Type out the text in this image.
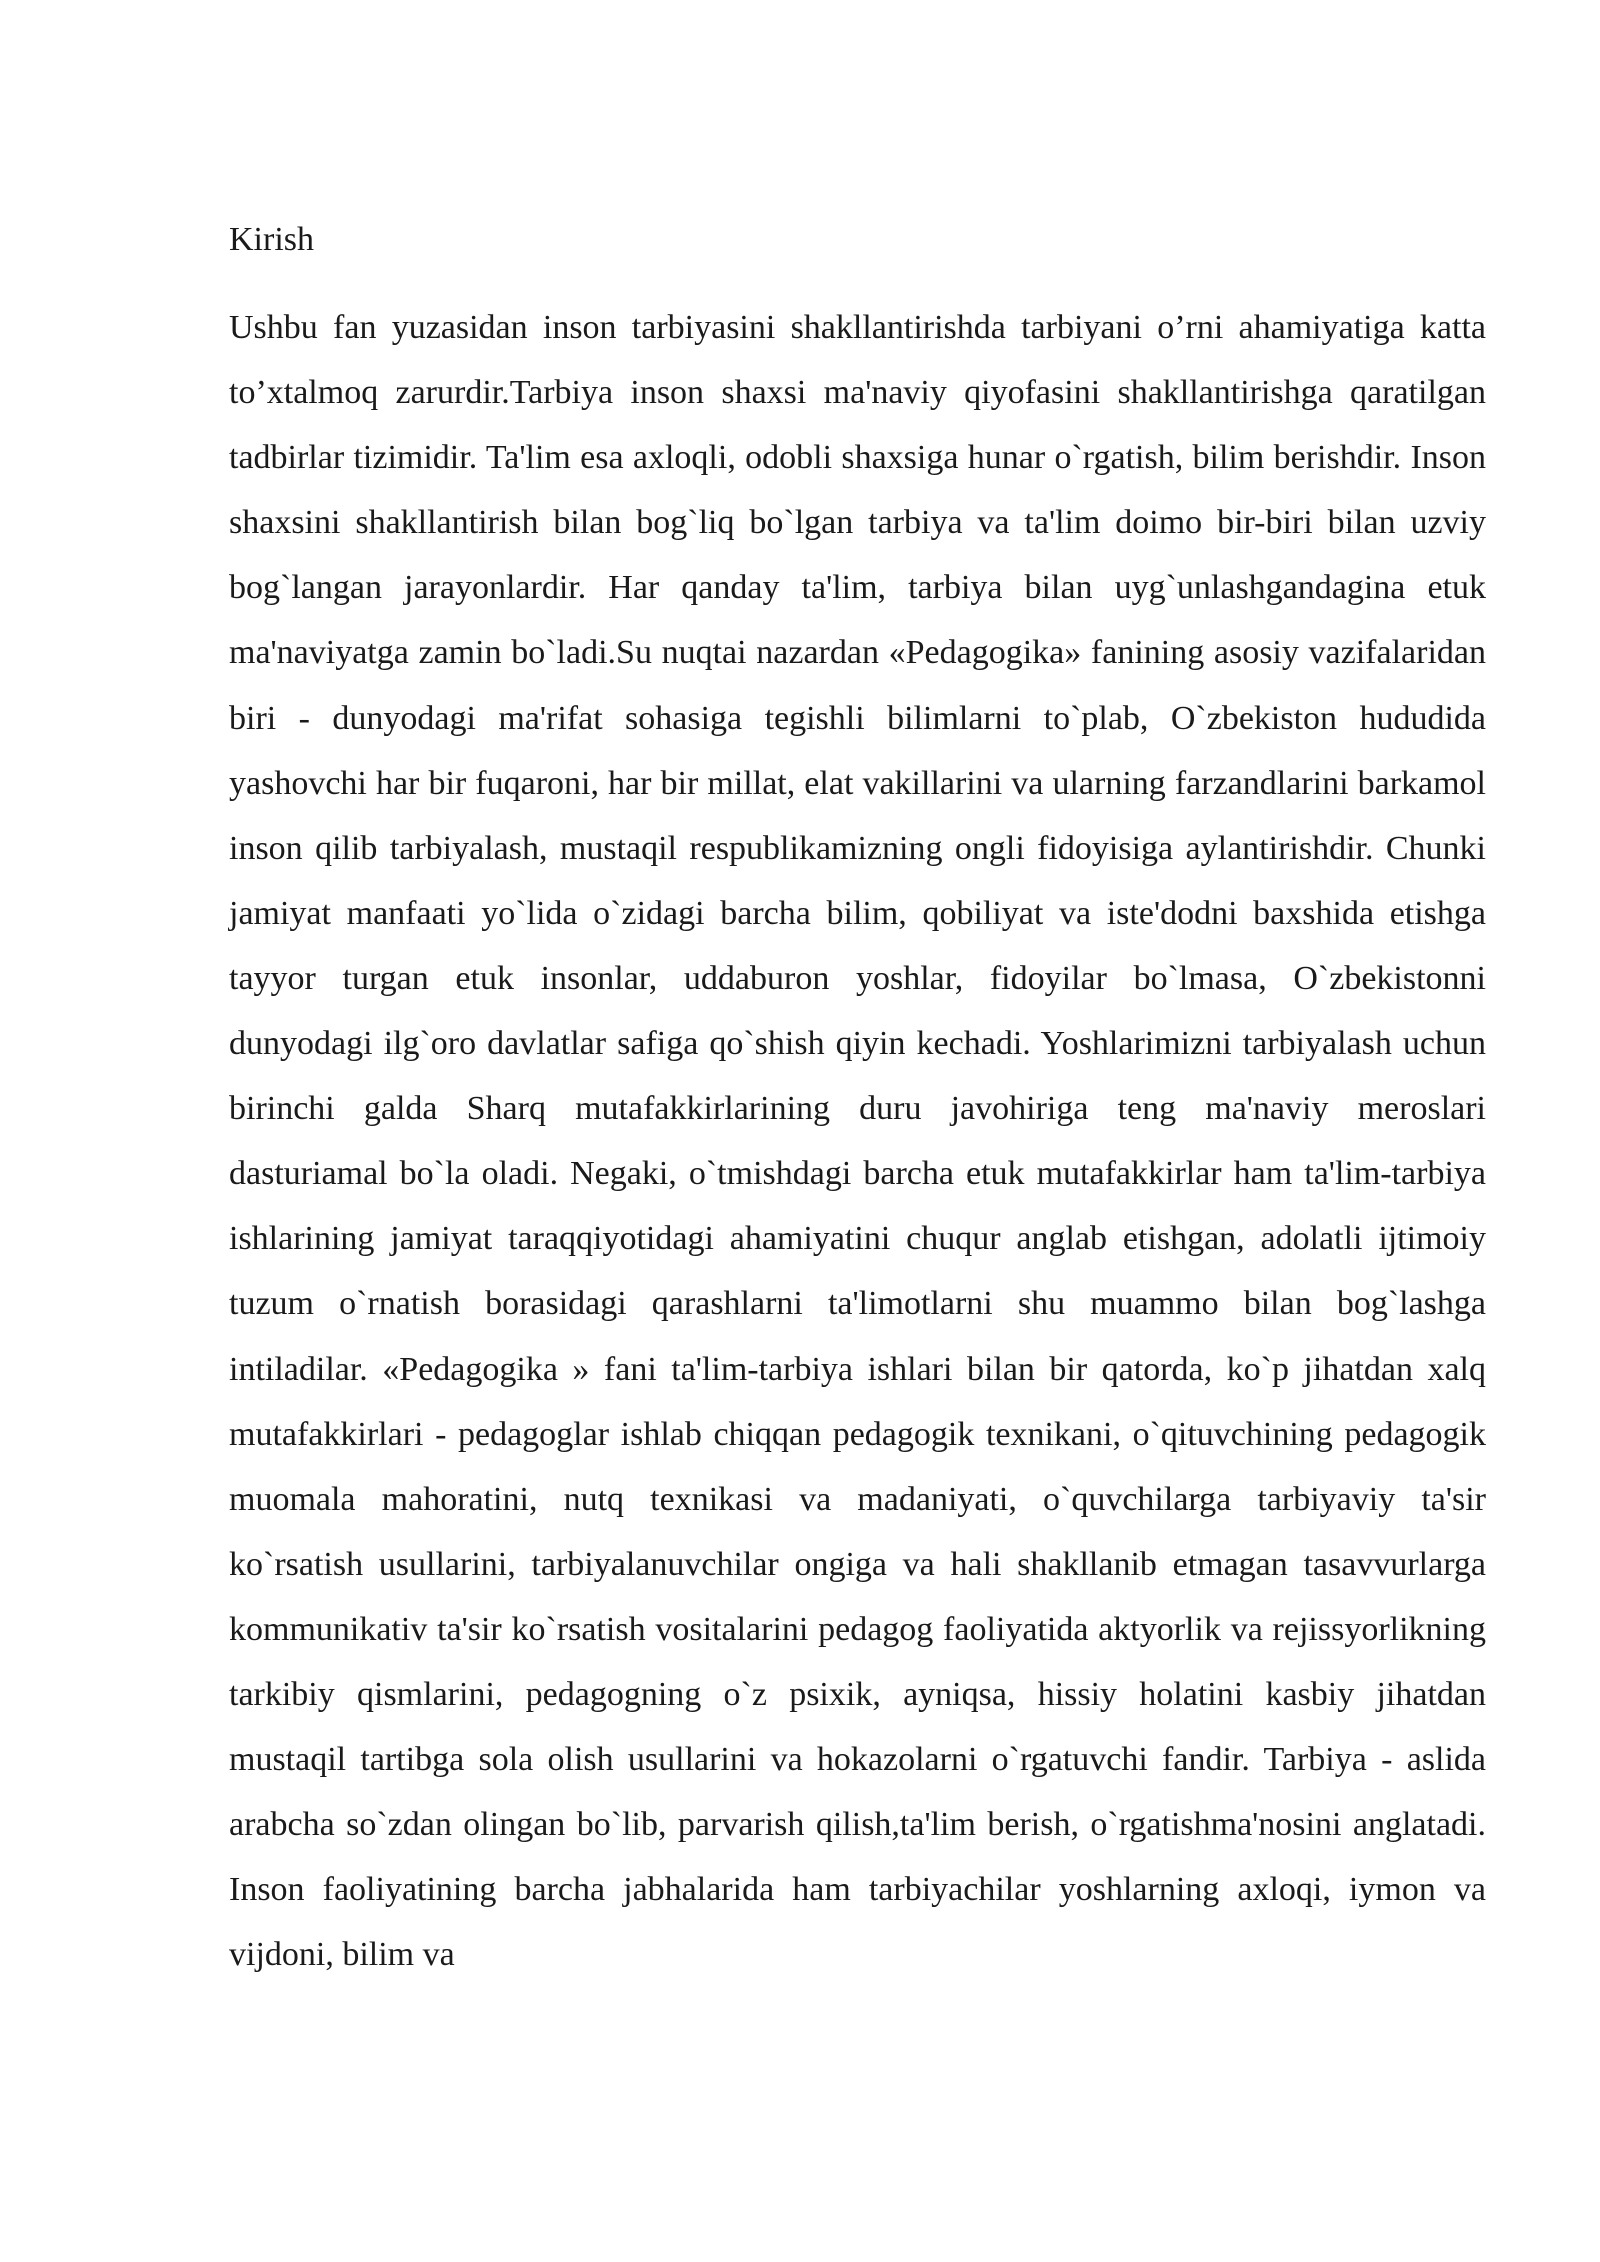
Kirish

Ushbu fan yuzasidan inson tarbiyasini shakllantirishda tarbiyani o’rni ahamiyatiga katta to’xtalmoq zarurdir.Tarbiya inson shaxsi ma'naviy qiyofasini shakllantirishga qaratilgan tadbirlar tizimidir. Ta'lim esa axloqli, odobli shaxsiga hunar o`rgatish, bilim berishdir. Inson shaxsini shakllantirish bilan bog`liq bo`lgan tarbiya va ta'lim doimo bir-biri bilan uzviy bog`langan jarayonlardir. Har qanday ta'lim, tarbiya bilan uyg`unlashgandagina etuk ma'naviyatga zamin bo`ladi.Su nuqtai nazardan «Pedagogika» fanining asosiy vazifalaridan biri - dunyodagi ma'rifat sohasiga tegishli bilimlarni to`plab, O`zbekiston hududida yashovchi har bir fuqaroni, har bir millat, elat vakillarini va ularning farzandlarini barkamol inson qilib tarbiyalash, mustaqil respublikamizning ongli fidoyisiga aylantirishdir. Chunki jamiyat manfaati yo`lida o`zidagi barcha bilim, qobiliyat va iste'dodni baxshida etishga tayyor turgan etuk insonlar, uddaburon yoshlar, fidoyilar bo`lmasa, O`zbekistonni dunyodagi ilg`oro davlatlar safiga qo`shish qiyin kechadi. Yoshlarimizni tarbiyalash uchun birinchi galda Sharq mutafakkirlarining duru javohiriga teng ma'naviy meroslari dasturiamal bo`la oladi. Negaki, o`tmishdagi barcha etuk mutafakkirlar ham ta'lim-tarbiya ishlarining jamiyat taraqqiyotidagi ahamiyatini chuqur anglab etishgan, adolatli ijtimoiy tuzum o`rnatish borasidagi qarashlarni ta'limotlarni shu muammo bilan bog`lashga intiladilar. «Pedagogika » fani ta'lim-tarbiya ishlari bilan bir qatorda, ko`p jihatdan xalq mutafakkirlari - pedagoglar ishlab chiqqan pedagogik texnikani, o`qituvchining pedagogik muomala mahoratini, nutq texnikasi va madaniyati, o`quvchilarga tarbiyaviy ta'sir ko`rsatish usullarini, tarbiyalanuvchilar ongiga va hali shakllanib etmagan tasavvurlarga kommunikativ ta'sir ko`rsatish vositalarini pedagog faoliyatida aktyorlik va rejissyorlikning tarkibiy qismlarini, pedagogning o`z psixik, ayniqsa, hissiy holatini kasbiy jihatdan mustaqil tartibga sola olish usullarini va hokazolarni o`rgatuvchi fandir. Tarbiya - aslida arabcha so`zdan olingan bo`lib, parvarish qilish,ta'lim berish, o`rgatishma'nosini anglatadi. Inson faoliyatining barcha jabhalarida ham tarbiyachilar yoshlarning axloqi, iymon va vijdoni, bilim va
